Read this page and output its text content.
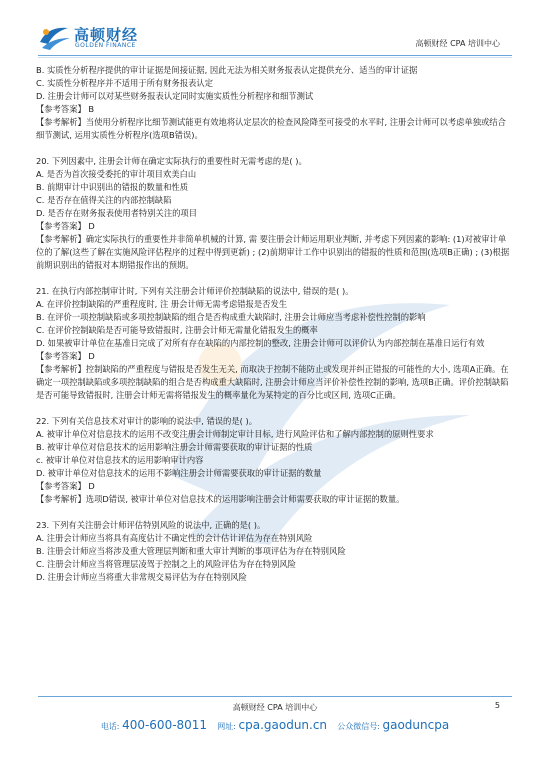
高顿财经
GOLDEN FINANCE	高顿财经 CPA 培训中心
B. 实质性分析程序提供的审计证据是间接证据, 因此无法为相关财务报表认定提供充分、适当的审计证据
C. 实质性分析程序并不适用于所有财务报表认定
D. 注册会计师可以对某些财务报表认定同时实施实质性分析程序和细节测试
【参考答案】 B
【参考解析】当使用分析程序比细节测试能更有效地将认定层次的检查风险降至可接受的水平时, 注册会计师可以考虑单独或结合细节测试, 运用实质性分析程序(选项B错误)。
20. 下列因素中, 注册会计师在确定实际执行的重要性时无需考虑的是( )。
A. 是否为首次接受委托的审计项目欢美白山
B. 前期审计中识别出的错报的数量和性质
C. 是否存在值得关注的内部控制缺陷
D. 是否存在财务报表使用者特别关注的项目
【参考答案】 D
【参考解析】确定实际执行的重要性并非简单机械的计算, 需 要注册会计师运用职业判断, 并考虑下列因素的影响: (1)对被审计单位的了解(这些了解在实施风险评估程序的过程中得到更新) ; (2)前期审计工作中识别出的错报的性质和范围(选项B正确) ; (3)根据前期识别出的错报对本期错报作出的预期。
21. 在执行内部控制审计时, 下列有关注册会计师评价控制缺陷的说法中, 错误的是( )。
A. 在评价控制缺陷的严重程度时, 注 册会计师无需考虑错报是否发生
B. 在评价一项控制缺陷或多项控制缺陷的组合是否构成重大缺陷时, 注册会计师应当考虑补偿性控制的影响
C. 在评价控制缺陷是否可能导致错报时, 注册会计师无需量化错报发生的概率
D. 如果被审计单位在基准日完成了对所有存在缺陷的内部控制的整改, 注册会计师可以评价认为内部控制在基准日运行有效
【参考答案】 D
【参考解析】控制缺陷的严重程度与错报是否发生无关, 而取决于控制不能防止或发现并纠正错报的可能性的大小, 选项A正确。在确定一项控制缺陷或多项控制缺陷的组合是否构成重大缺陷时, 注册会计师应当评价补偿性控制的影响, 选项B正确。评价控制缺陷是否可能导致错报时, 注册会计师无需将错报发生的概率量化为某特定的百分比或区间, 选项C正确。
22. 下列有关信息技术对审计的影响的说法中, 错误的是( )。
A. 被审计单位对信息技术的运用不改变注册会计师制定审计目标, 进行风险评估和了解内部控制的原则性要求
B. 被审计单位对信息技术的运用影响注册会计师需要获取的审计证据的性质
c. 被审计单位对信息技术的运用影响审计内容
D. 被审计单位对信息技术的运用不影响注册会计师需要获取的审计证据的数量
【参考答案】 D
【参考解析】选项D错误, 被审计单位对信息技术的运用影响注册会计师需要获取的审计证据的数量。
23. 下列有关注册会计师评估特别风险的说法中, 正确的是( )。
A. 注册会计师应当将具有高度估计不确定性的会计估计评估为存在特别风险
B. 注册会计师应当将涉及重大管理层判断和重大审计判断的事项评估为存在特别风险
C. 注册会计师应当将管理层凌驾于控制之上的风险评估为存在特别风险
D. 注册会计师应当将重大非常规交易评估为存在特别风险
高顿财经 CPA 培训中心	5
电话: 400-600-8011 网址: cpa.gaodun.cn 公众微信号: gaoduncpa
